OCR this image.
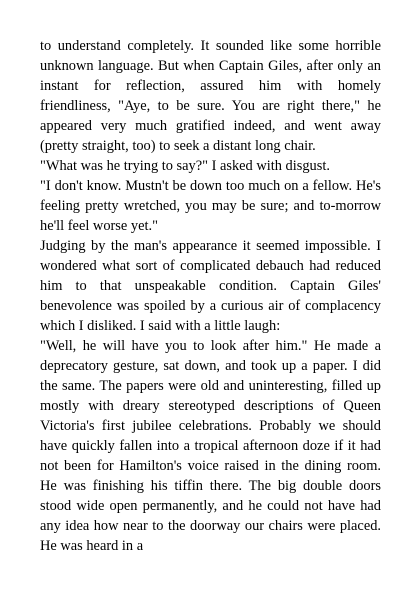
to understand completely. It sounded like some horrible unknown language. But when Captain Giles, after only an instant for reflection, assured him with homely friendliness, "Aye, to be sure. You are right there," he appeared very much gratified indeed, and went away (pretty straight, too) to seek a distant long chair.

"What was he trying to say?" I asked with disgust.

"I don't know. Mustn't be down too much on a fellow. He's feeling pretty wretched, you may be sure; and to-morrow he'll feel worse yet."

Judging by the man's appearance it seemed impossible. I wondered what sort of complicated debauch had reduced him to that unspeakable condition. Captain Giles' benevolence was spoiled by a curious air of complacency which I disliked. I said with a little laugh:

"Well, he will have you to look after him." He made a deprecatory gesture, sat down, and took up a paper. I did the same. The papers were old and uninteresting, filled up mostly with dreary stereotyped descriptions of Queen Victoria's first jubilee celebrations. Probably we should have quickly fallen into a tropical afternoon doze if it had not been for Hamilton's voice raised in the dining room. He was finishing his tiffin there. The big double doors stood wide open permanently, and he could not have had any idea how near to the doorway our chairs were placed. He was heard in a
